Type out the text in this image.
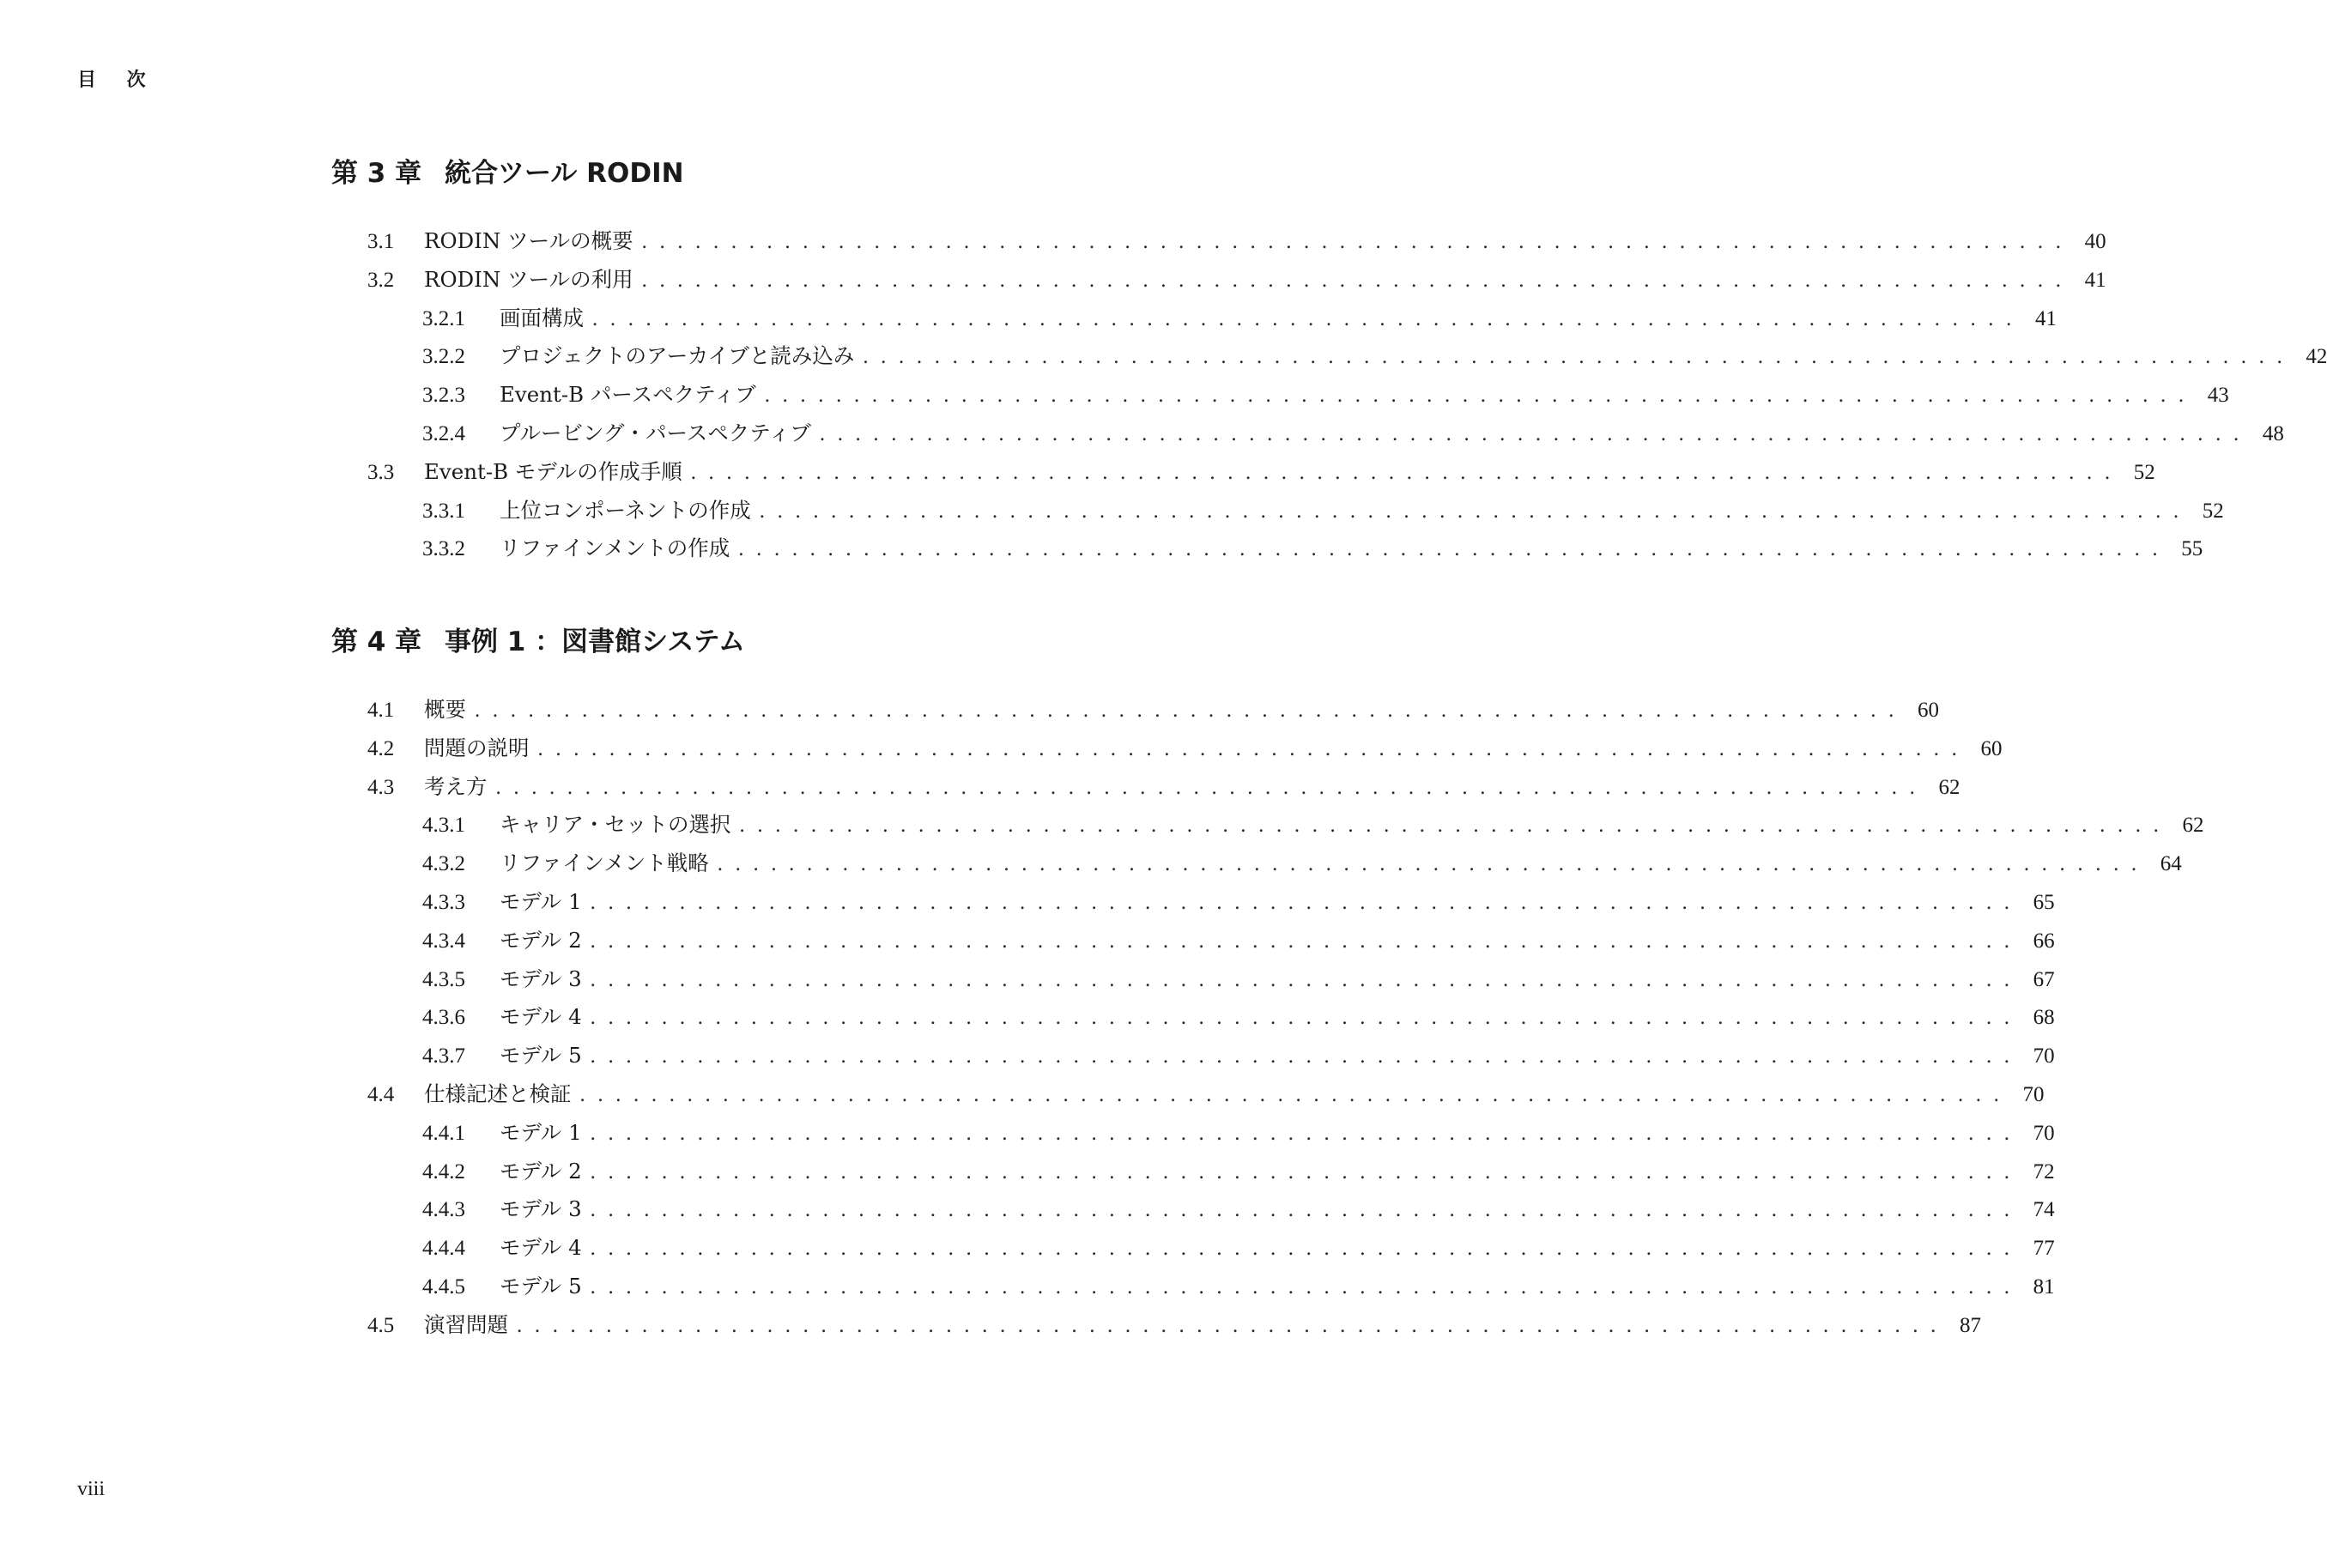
目 次
第 3 章 統合ツール RODIN
3.1	RODIN ツールの概要 ................................................................................ 40
3.2	RODIN ツールの利用 ................................................................................ 41
3.2.1	画面構成 ................................................................................ 41
3.2.2	プロジェクトのアーカイブと読み込み ................................................................................ 42
3.2.3	Event-B パースペクティブ ................................................................................ 43
3.2.4	プルービング・パースペクティブ ................................................................................ 48
3.3	Event-B モデルの作成手順 ................................................................................ 52
3.3.1	上位コンポーネントの作成 ................................................................................ 52
3.3.2	リファインメントの作成 ................................................................................ 55
第 4 章 事例 1 ：図書館システム
4.1	概要 ................................................................................ 60
4.2	問題の説明 ................................................................................ 60
4.3	考え方 ................................................................................ 62
4.3.1	キャリア・セットの選択 ................................................................................ 62
4.3.2	リファインメント戦略 ................................................................................ 64
4.3.3	モデル 1 ................................................................................ 65
4.3.4	モデル 2 ................................................................................ 66
4.3.5	モデル 3 ................................................................................ 67
4.3.6	モデル 4 ................................................................................ 68
4.3.7	モデル 5 ................................................................................ 70
4.4	仕様記述と検証 ................................................................................ 70
4.4.1	モデル 1 ................................................................................ 70
4.4.2	モデル 2 ................................................................................ 72
4.4.3	モデル 3 ................................................................................ 74
4.4.4	モデル 4 ................................................................................ 77
4.4.5	モデル 5 ................................................................................ 81
4.5	演習問題 ................................................................................ 87
viii
